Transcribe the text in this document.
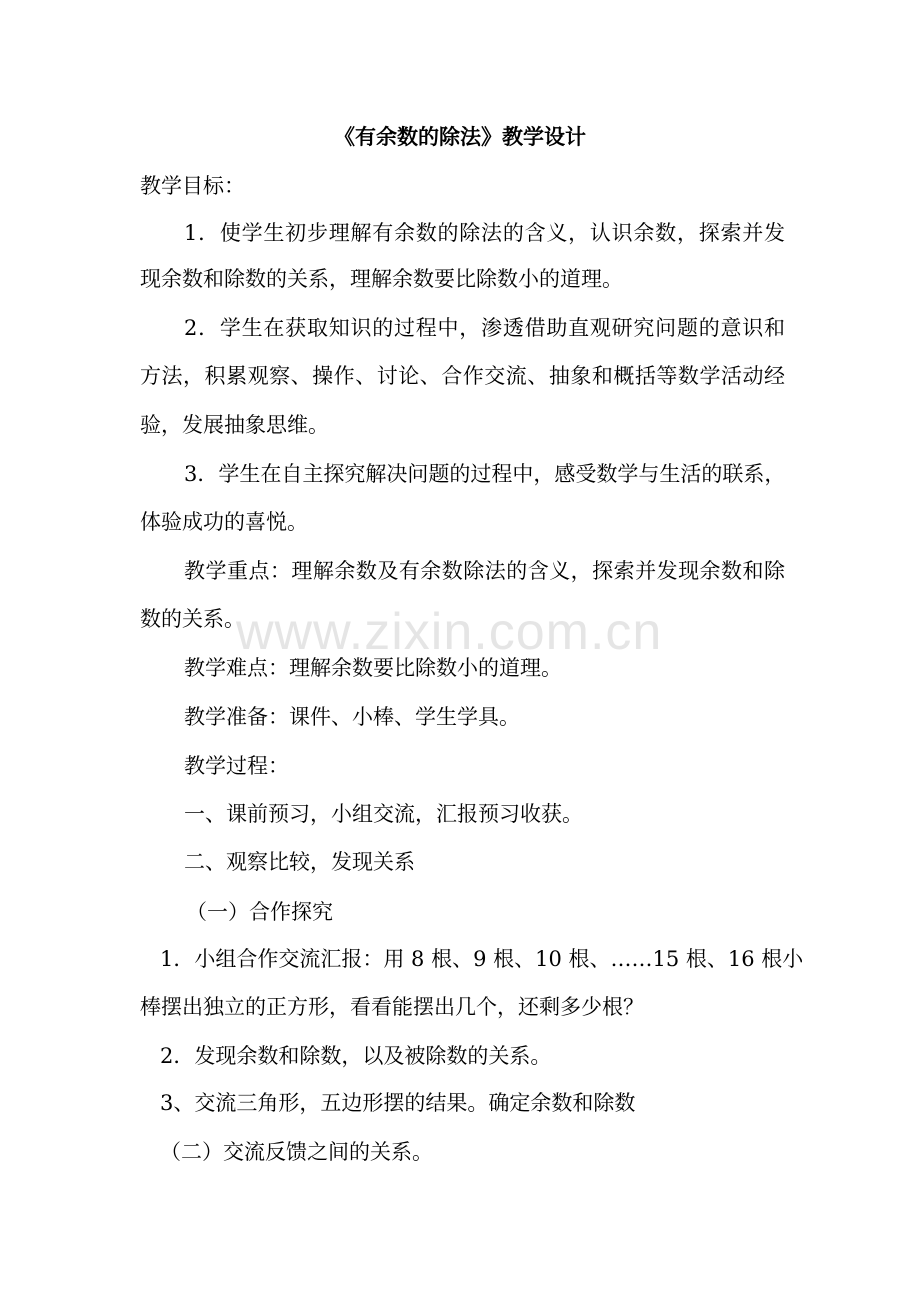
《有余数的除法》教学设计
教学目标：
1．使学生初步理解有余数的除法的含义，认识余数，探索并发
现余数和除数的关系，理解余数要比除数小的道理。
2．学生在获取知识的过程中，渗透借助直观研究问题的意识和
方法，积累观察、操作、讨论、合作交流、抽象和概括等数学活动经
验，发展抽象思维。
3．学生在自主探究解决问题的过程中，感受数学与生活的联系，
体验成功的喜悦。
教学重点：理解余数及有余数除法的含义，探索并发现余数和除
数的关系。
教学难点：理解余数要比除数小的道理。
教学准备：课件、小棒、学生学具。
教学过程：
一、课前预习，小组交流，汇报预习收获。
二、观察比较，发现关系
（一）合作探究
1．小组合作交流汇报：用 8 根、9 根、10 根、……15 根、16 根小
棒摆出独立的正方形，看看能摆出几个，还剩多少根？
2．发现余数和除数，以及被除数的关系。
3、交流三角形，五边形摆的结果。确定余数和除数
（二）交流反馈之间的关系。
www.zixin.com.cn
